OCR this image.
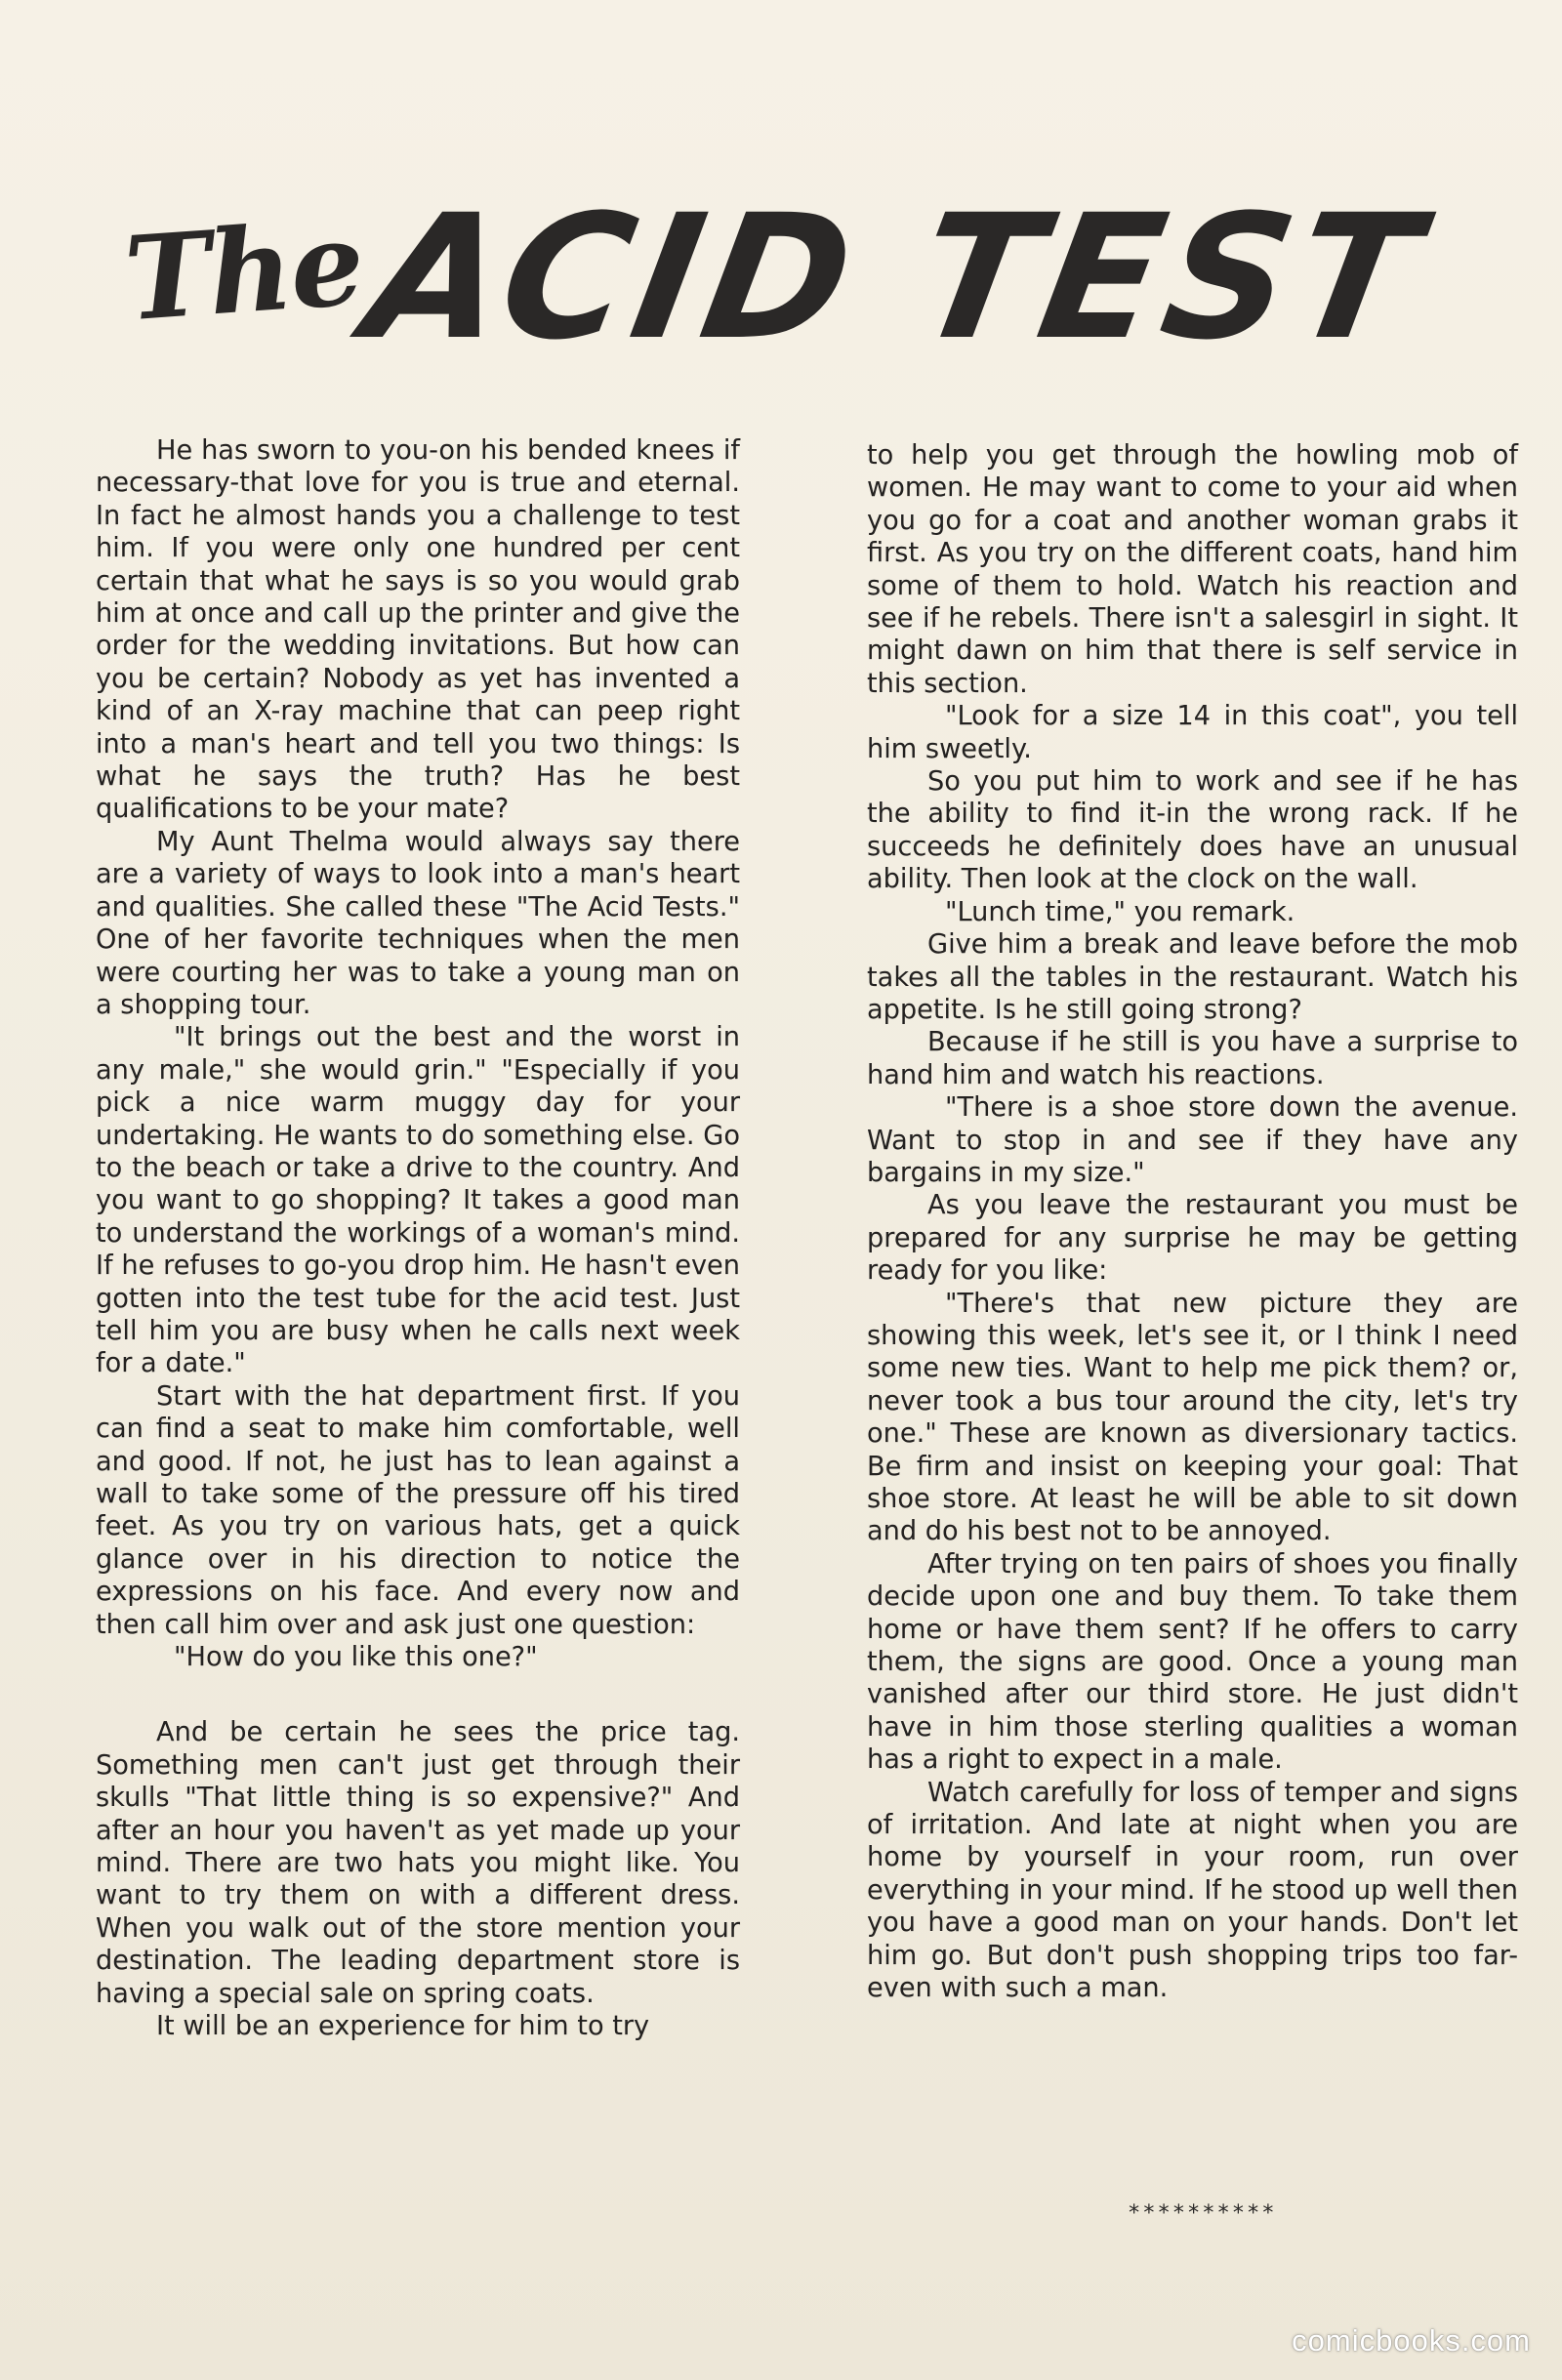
The
ACID TEST

He has sworn to you-on his bended knees if necessary-that love for you is true and eternal. In fact he almost hands you a challenge to test him. If you were only one hundred per cent certain that what he says is so you would grab him at once and call up the printer and give the order for the wedding invitations. But how can you be certain? Nobody as yet has invented a kind of an X-ray machine that can peep right into a man's heart and tell you two things: Is what he says the truth? Has he best qualifications to be your mate?

My Aunt Thelma would always say there are a variety of ways to look into a man's heart and qualities. She called these "The Acid Tests." One of her favorite techniques when the men were courting her was to take a young man on a shopping tour.

"It brings out the best and the worst in any male," she would grin." "Especially if you pick a nice warm muggy day for your undertaking. He wants to do something else. Go to the beach or take a drive to the country. And you want to go shopping? It takes a good man to understand the workings of a woman's mind. If he refuses to go-you drop him. He hasn't even gotten into the test tube for the acid test. Just tell him you are busy when he calls next week for a date."

Start with the hat department first. If you can find a seat to make him comfortable, well and good. If not, he just has to lean against a wall to take some of the pressure off his tired feet. As you try on various hats, get a quick glance over in his direction to notice the expressions on his face. And every now and then call him over and ask just one question:

"How do you like this one?"

And be certain he sees the price tag. Something men can't just get through their skulls "That little thing is so expensive?" And after an hour you haven't as yet made up your mind. There are two hats you might like. You want to try them on with a different dress. When you walk out of the store mention your destination. The leading department store is having a special sale on spring coats.

It will be an experience for him to try

to help you get through the howling mob of women. He may want to come to your aid when you go for a coat and another woman grabs it first. As you try on the different coats, hand him some of them to hold. Watch his reaction and see if he rebels. There isn't a salesgirl in sight. It might dawn on him that there is self service in this section.

"Look for a size 14 in this coat", you tell him sweetly.

So you put him to work and see if he has the ability to find it-in the wrong rack. If he succeeds he definitely does have an unusual ability. Then look at the clock on the wall.

"Lunch time," you remark.

Give him a break and leave before the mob takes all the tables in the restaurant. Watch his appetite. Is he still going strong?

Because if he still is you have a surprise to hand him and watch his reactions.

"There is a shoe store down the avenue. Want to stop in and see if they have any bargains in my size."

As you leave the restaurant you must be prepared for any surprise he may be getting ready for you like:

"There's that new picture they are showing this week, let's see it, or I think I need some new ties. Want to help me pick them? or, never took a bus tour around the city, let's try one." These are known as diversionary tactics. Be firm and insist on keeping your goal: That shoe store. At least he will be able to sit down and do his best not to be annoyed.

After trying on ten pairs of shoes you finally decide upon one and buy them. To take them home or have them sent? If he offers to carry them, the signs are good. Once a young man vanished after our third store. He just didn't have in him those sterling qualities a woman has a right to expect in a male.

Watch carefully for loss of temper and signs of irritation. And late at night when you are home by yourself in your room, run over everything in your mind. If he stood up well then you have a good man on your hands. Don't let him go. But don't push shopping trips too far-even with such a man.

**********
comicbooks.com
